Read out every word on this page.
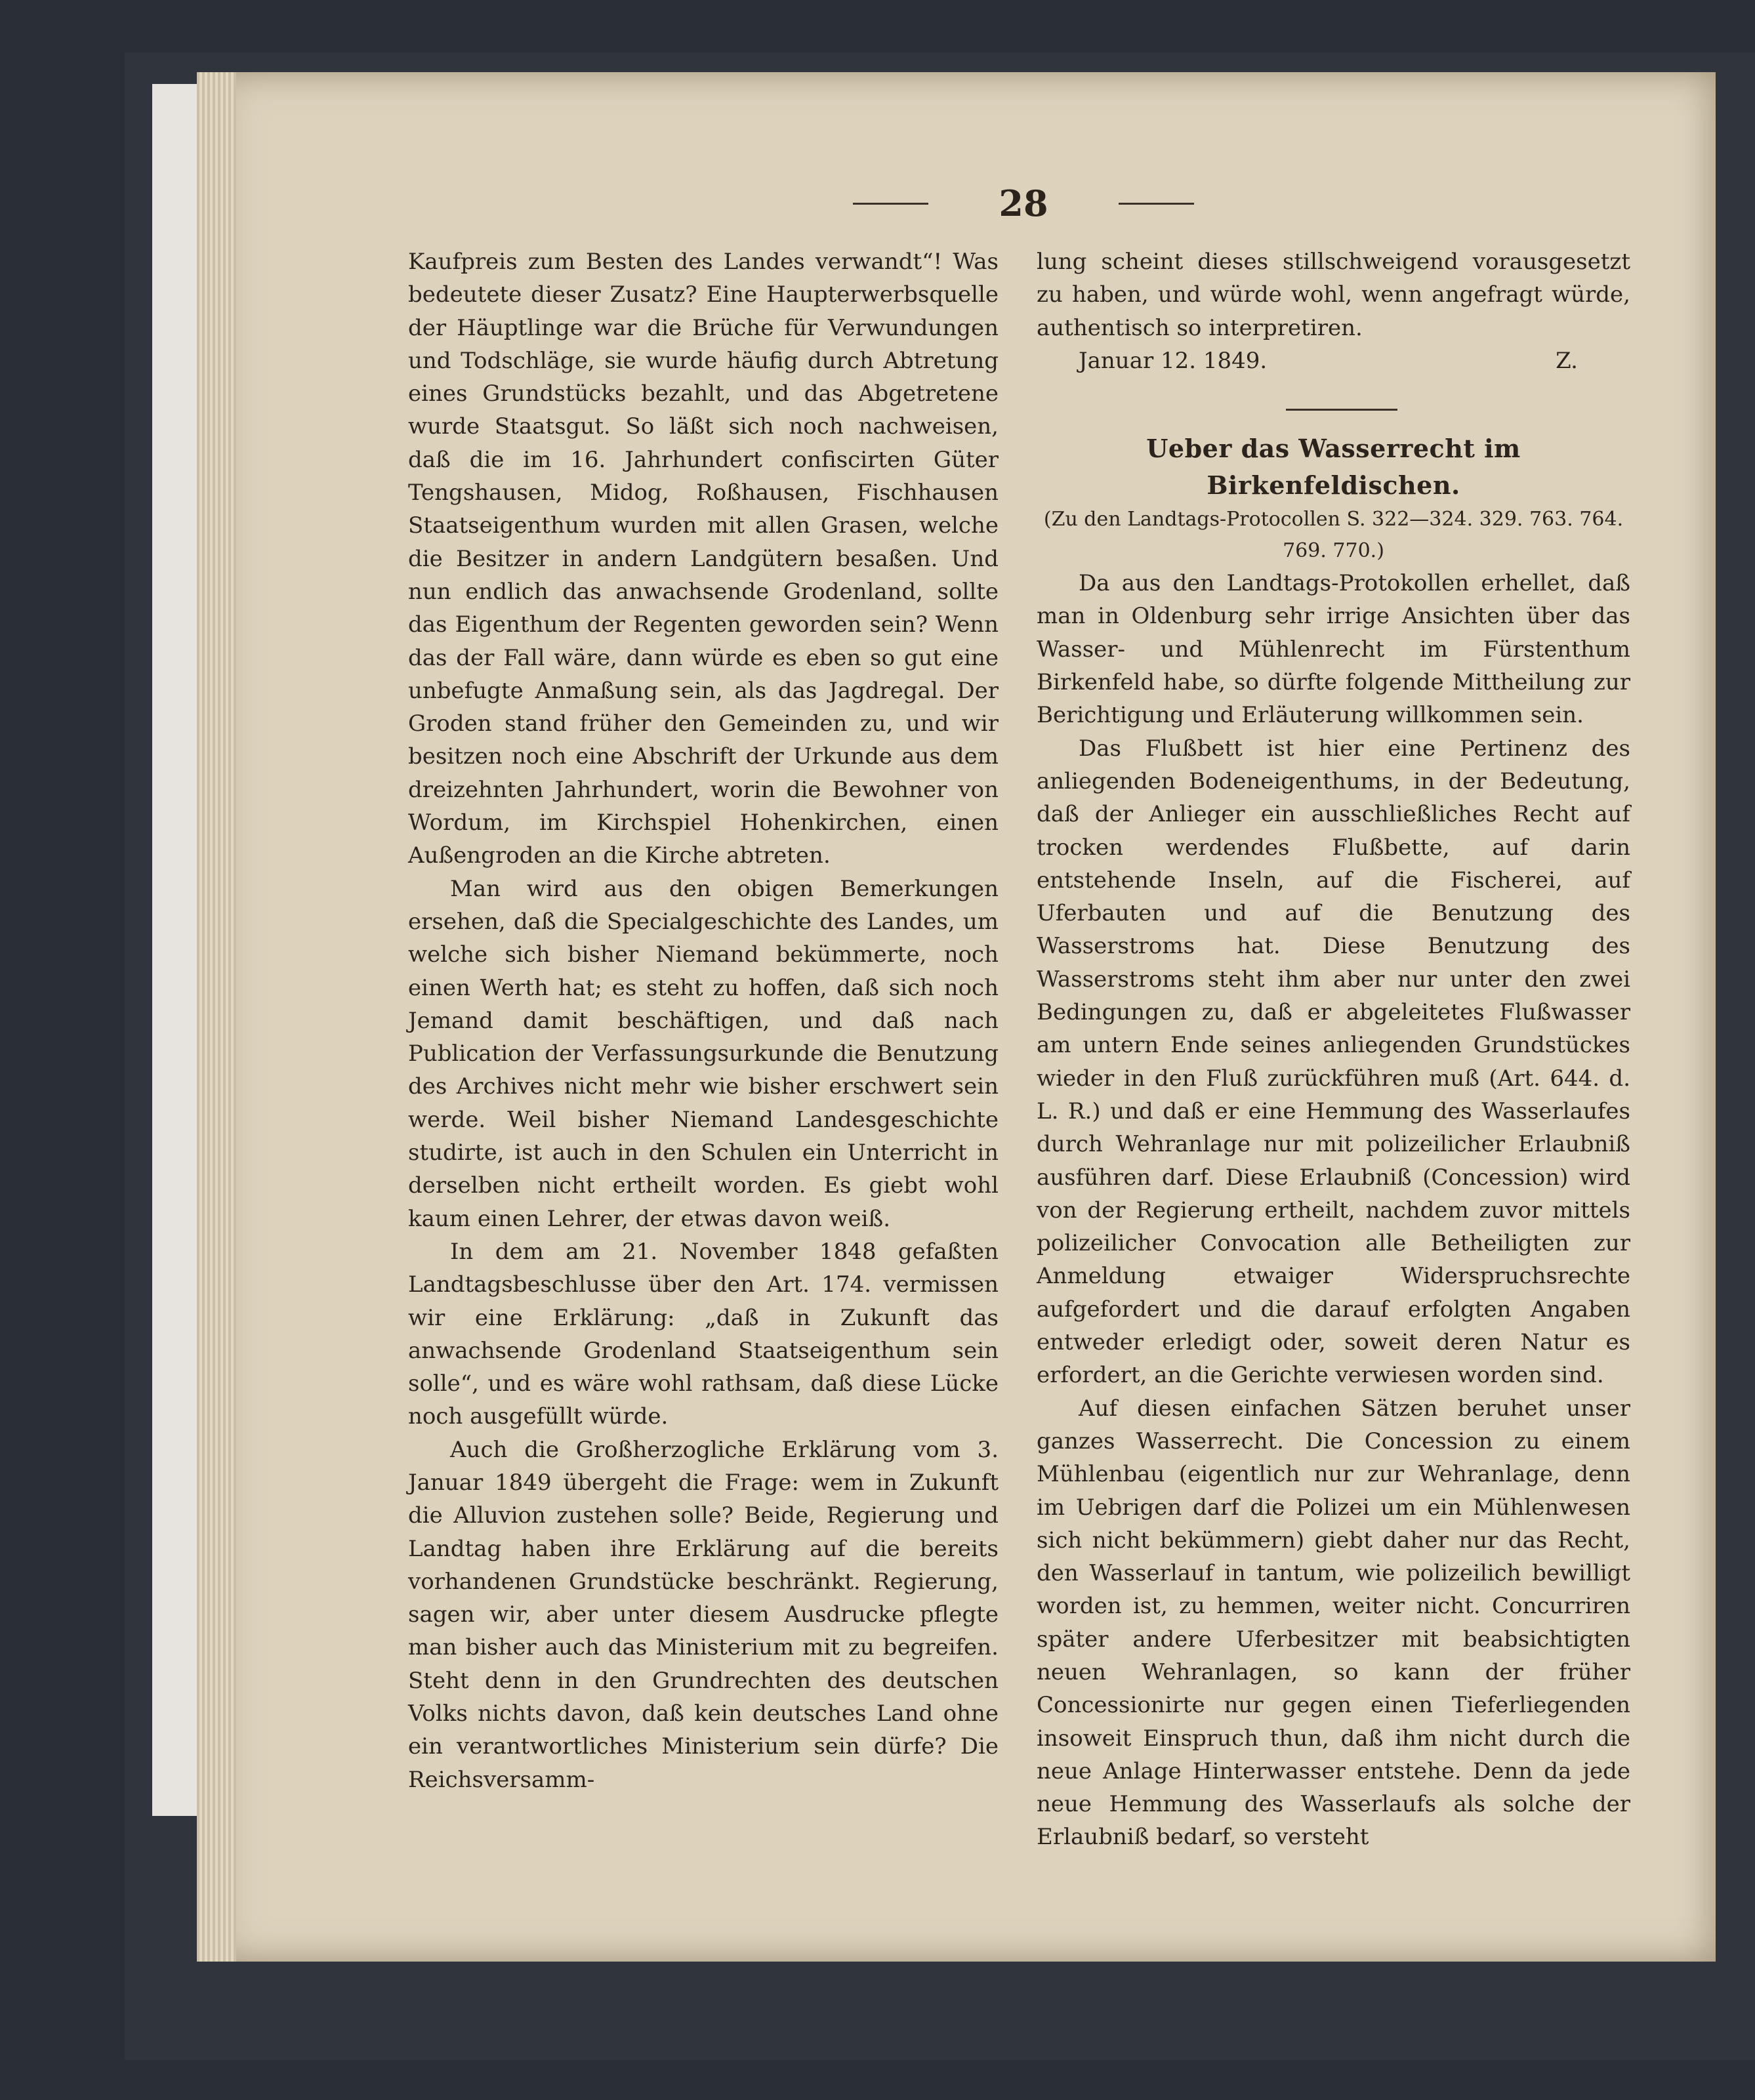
28

Kaufpreis zum Besten des Landes verwandt“! Was bedeutete dieser Zusatz? Eine Haupterwerbsquelle der Häuptlinge war die Brüche für Verwundungen und Todschläge, sie wurde häufig durch Abtretung eines Grundstücks bezahlt, und das Abgetretene wurde Staatsgut. So läßt sich noch nachweisen, daß die im 16. Jahrhundert confiscirten Güter Tengshausen, Midog, Roßhausen, Fischhausen Staatseigenthum wurden mit allen Grasen, welche die Besitzer in andern Landgütern besaßen. Und nun endlich das anwachsende Grodenland, sollte das Eigenthum der Regenten geworden sein? Wenn das der Fall wäre, dann würde es eben so gut eine unbefugte Anmaßung sein, als das Jagdregal. Der Groden stand früher den Gemeinden zu, und wir besitzen noch eine Abschrift der Urkunde aus dem dreizehnten Jahrhundert, worin die Bewohner von Wordum, im Kirchspiel Hohenkirchen, einen Außengroden an die Kirche abtreten.

Man wird aus den obigen Bemerkungen ersehen, daß die Specialgeschichte des Landes, um welche sich bisher Niemand bekümmerte, noch einen Werth hat; es steht zu hoffen, daß sich noch Jemand damit beschäftigen, und daß nach Publication der Verfassungsurkunde die Benutzung des Archives nicht mehr wie bisher erschwert sein werde. Weil bisher Niemand Landesgeschichte studirte, ist auch in den Schulen ein Unterricht in derselben nicht ertheilt worden. Es giebt wohl kaum einen Lehrer, der etwas davon weiß.

In dem am 21. November 1848 gefaßten Landtagsbeschlusse über den Art. 174. vermissen wir eine Erklärung: „daß in Zukunft das anwachsende Grodenland Staatseigenthum sein solle“, und es wäre wohl rathsam, daß diese Lücke noch ausgefüllt würde.

Auch die Großherzogliche Erklärung vom 3. Januar 1849 übergeht die Frage: wem in Zukunft die Alluvion zustehen solle? Beide, Regierung und Landtag haben ihre Erklärung auf die bereits vorhandenen Grundstücke beschränkt. Regierung, sagen wir, aber unter diesem Ausdrucke pflegte man bisher auch das Ministerium mit zu begreifen. Steht denn in den Grundrechten des deutschen Volks nichts davon, daß kein deutsches Land ohne ein verantwortliches Ministerium sein dürfe? Die Reichsversamm-

lung scheint dieses stillschweigend vorausgesetzt zu haben, und würde wohl, wenn angefragt würde, authentisch so interpretiren.

Januar 12. 1849.	Z.

Ueber das Wasserrecht im Birkenfeldischen.

(Zu den Landtags-Protocollen S. 322—324. 329. 763. 764. 769. 770.)

Da aus den Landtags-Protokollen erhellet, daß man in Oldenburg sehr irrige Ansichten über das Wasser- und Mühlenrecht im Fürstenthum Birkenfeld habe, so dürfte folgende Mittheilung zur Berichtigung und Erläuterung willkommen sein.

Das Flußbett ist hier eine Pertinenz des anliegenden Bodeneigenthums, in der Bedeutung, daß der Anlieger ein ausschließliches Recht auf trocken werdendes Flußbette, auf darin entstehende Inseln, auf die Fischerei, auf Uferbauten und auf die Benutzung des Wasserstroms hat. Diese Benutzung des Wasserstroms steht ihm aber nur unter den zwei Bedingungen zu, daß er abgeleitetes Flußwasser am untern Ende seines anliegenden Grundstückes wieder in den Fluß zurückführen muß (Art. 644. d. L. R.) und daß er eine Hemmung des Wasserlaufes durch Wehranlage nur mit polizeilicher Erlaubniß ausführen darf. Diese Erlaubniß (Concession) wird von der Regierung ertheilt, nachdem zuvor mittels polizeilicher Convocation alle Betheiligten zur Anmeldung etwaiger Widerspruchsrechte aufgefordert und die darauf erfolgten Angaben entweder erledigt oder, soweit deren Natur es erfordert, an die Gerichte verwiesen worden sind.

Auf diesen einfachen Sätzen beruhet unser ganzes Wasserrecht. Die Concession zu einem Mühlenbau (eigentlich nur zur Wehranlage, denn im Uebrigen darf die Polizei um ein Mühlenwesen sich nicht bekümmern) giebt daher nur das Recht, den Wasserlauf in tantum, wie polizeilich bewilligt worden ist, zu hemmen, weiter nicht. Concurriren später andere Uferbesitzer mit beabsichtigten neuen Wehranlagen, so kann der früher Concessionirte nur gegen einen Tieferliegenden insoweit Einspruch thun, daß ihm nicht durch die neue Anlage Hinterwasser entstehe. Denn da jede neue Hemmung des Wasserlaufs als solche der Erlaubniß bedarf, so versteht
